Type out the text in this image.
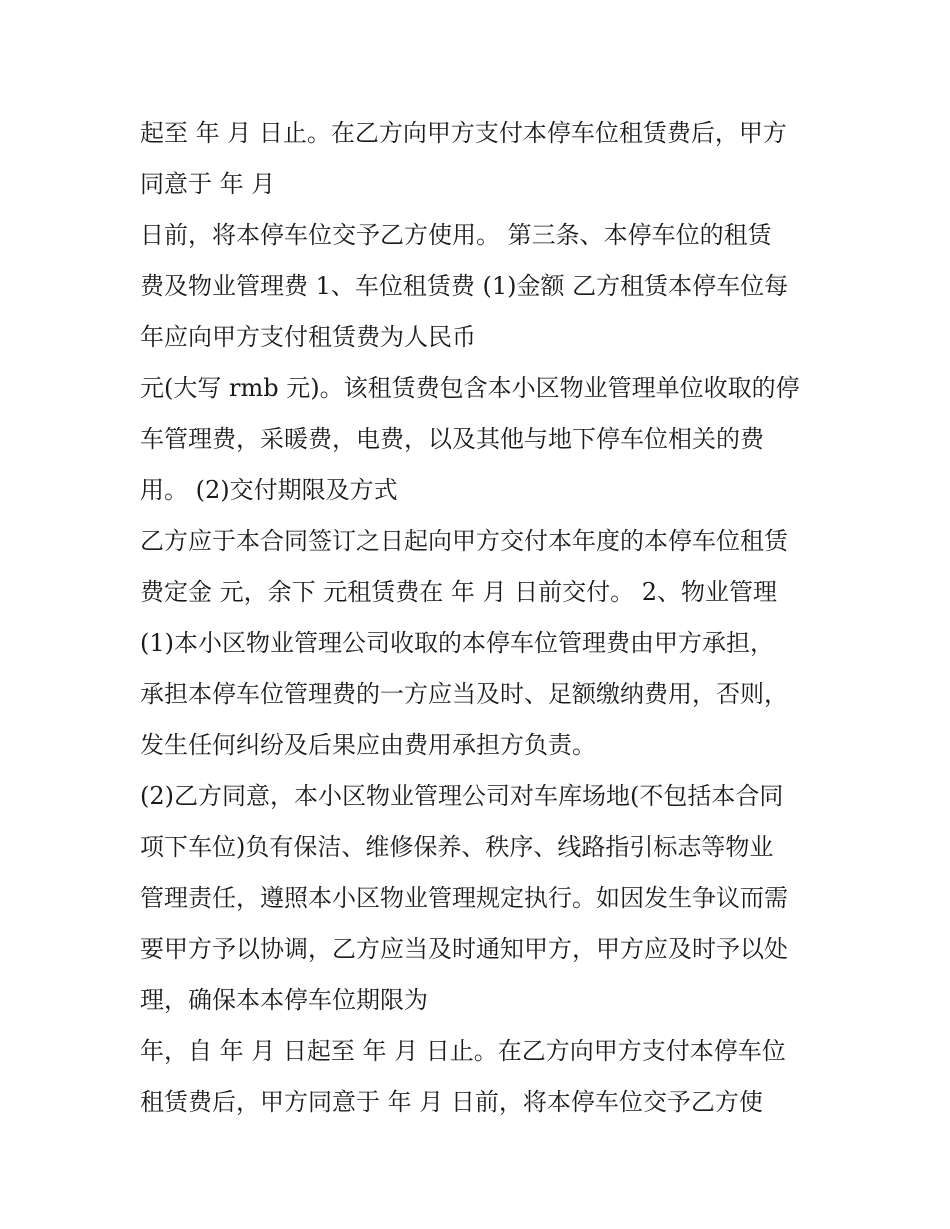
起至 年 月 日止。在乙方向甲方支付本停车位租赁费后，甲方
同意于 年 月
日前，将本停车位交予乙方使用。 第三条、本停车位的租赁
费及物业管理费 1、车位租赁费 (1)金额 乙方租赁本停车位每
年应向甲方支付租赁费为人民币
元(大写 rmb 元)。该租赁费包含本小区物业管理单位收取的停
车管理费，采暖费，电费，以及其他与地下停车位相关的费
用。 (2)交付期限及方式
乙方应于本合同签订之日起向甲方交付本年度的本停车位租赁
费定金 元，余下 元租赁费在 年 月 日前交付。 2、物业管理
(1)本小区物业管理公司收取的本停车位管理费由甲方承担，
承担本停车位管理费的一方应当及时、足额缴纳费用，否则，
发生任何纠纷及后果应由费用承担方负责。
(2)乙方同意，本小区物业管理公司对车库场地(不包括本合同
项下车位)负有保洁、维修保养、秩序、线路指引标志等物业
管理责任，遵照本小区物业管理规定执行。如因发生争议而需
要甲方予以协调，乙方应当及时通知甲方，甲方应及时予以处
理，确保本本停车位期限为
年，自 年 月 日起至 年 月 日止。在乙方向甲方支付本停车位
租赁费后，甲方同意于 年 月 日前，将本停车位交予乙方使
